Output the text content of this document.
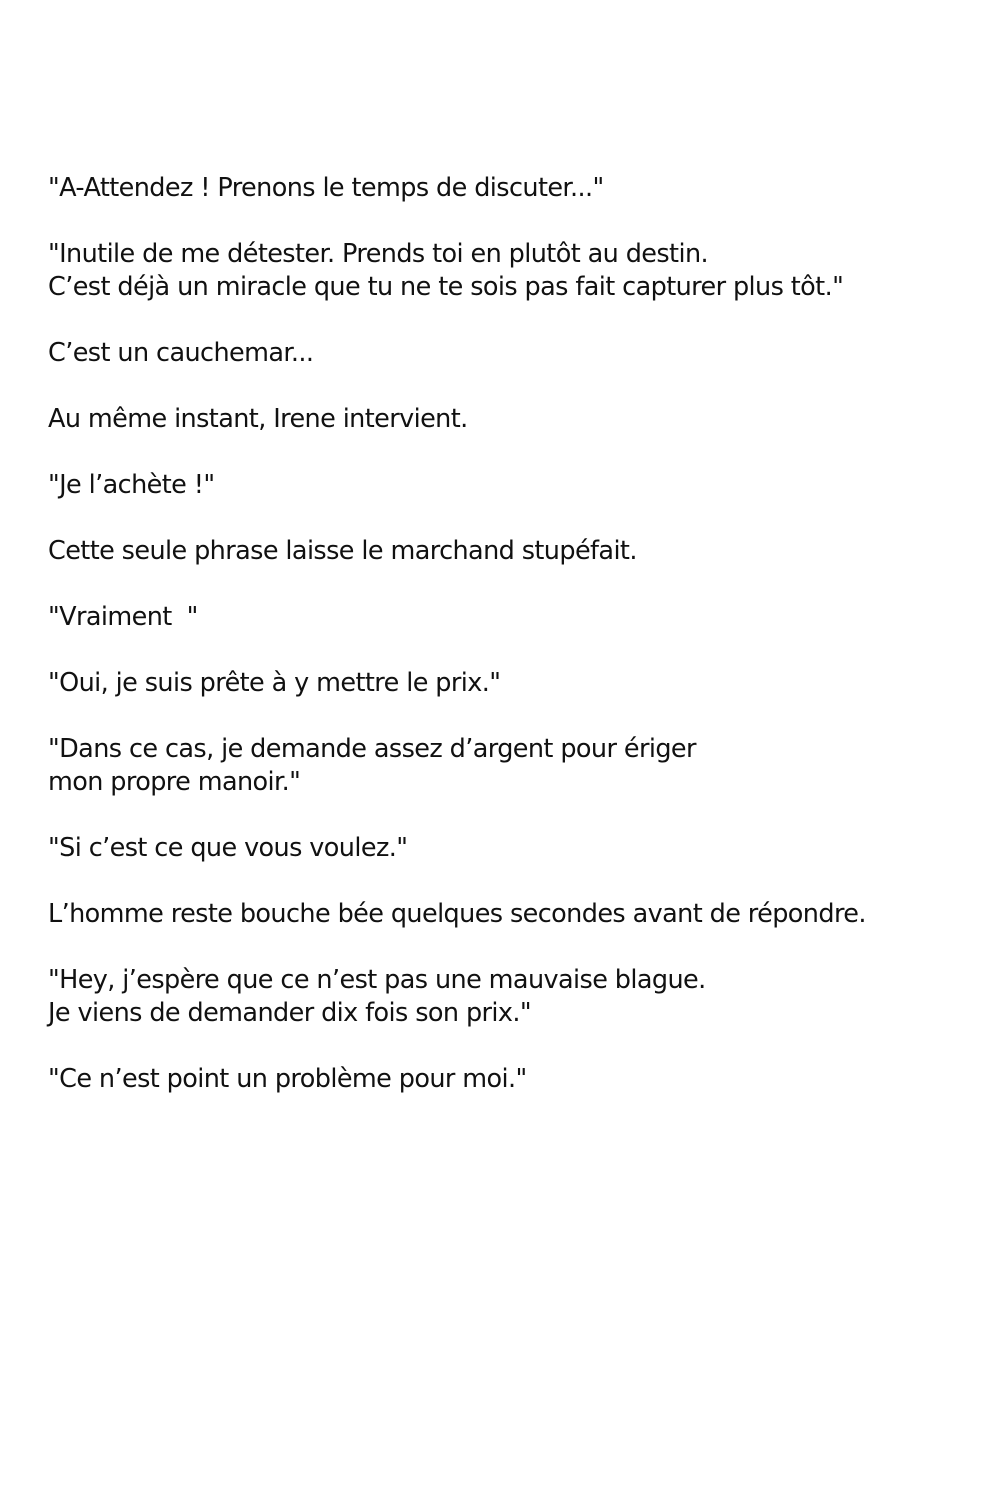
"A-Attendez ! Prenons le temps de discuter..."

"Inutile de me détester. Prends toi en plutôt au destin.
C’est déjà un miracle que tu ne te sois pas fait capturer plus tôt."

C’est un cauchemar...

Au même instant, Irene intervient.

"Je l’achète !"

Cette seule phrase laisse le marchand stupéfait.

"Vraiment  "

"Oui, je suis prête à y mettre le prix."

"Dans ce cas, je demande assez d’argent pour ériger
mon propre manoir."

"Si c’est ce que vous voulez."

L’homme reste bouche bée quelques secondes avant de répondre.

"Hey, j’espère que ce n’est pas une mauvaise blague.
Je viens de demander dix fois son prix."

"Ce n’est point un problème pour moi."
